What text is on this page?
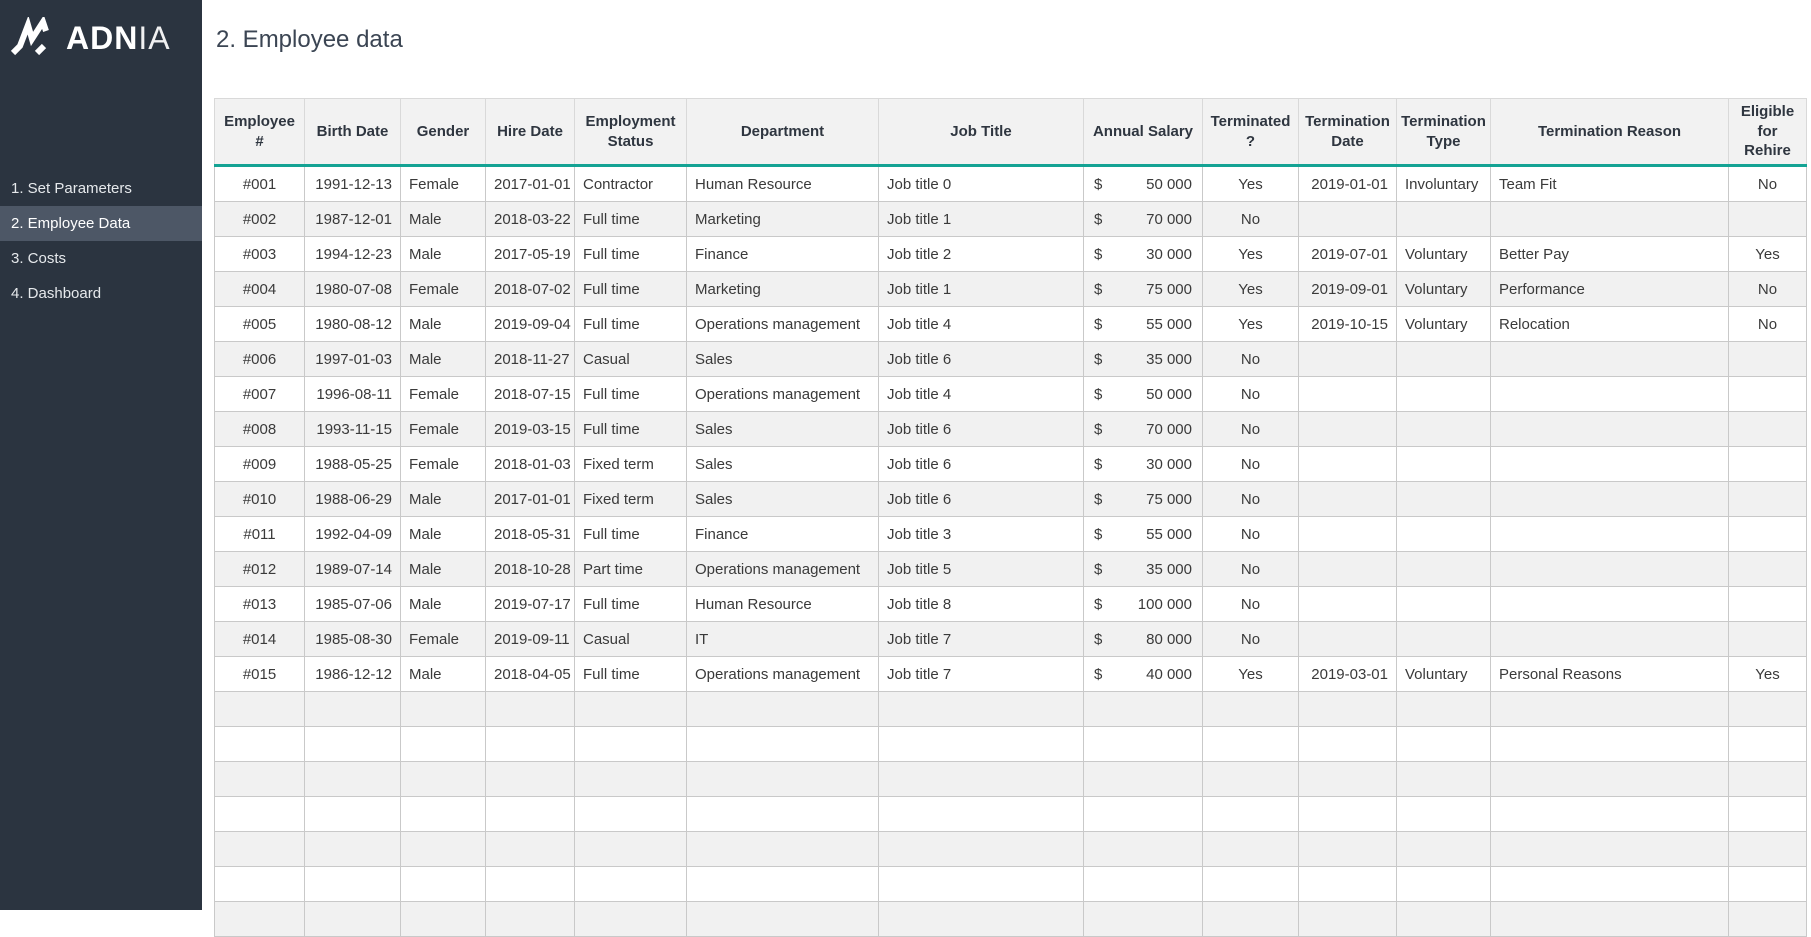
ADNIA
1. Set Parameters
2. Employee Data
3. Costs
4. Dashboard
2. Employee data
Employee #	Birth Date	Gender	Hire Date	Employment Status	Department	Job Title	Annual Salary	Terminated ?	Termination Date	Termination Type	Termination Reason	Eligible for Rehire
#001	1991-12-13	Female	2017-01-01	Contractor	Human Resource	Job title 0	$ 50 000	Yes	2019-01-01	Involuntary	Team Fit	No
#002	1987-12-01	Male	2018-03-22	Full time	Marketing	Job title 1	$ 70 000	No				
#003	1994-12-23	Male	2017-05-19	Full time	Finance	Job title 2	$ 30 000	Yes	2019-07-01	Voluntary	Better Pay	Yes
#004	1980-07-08	Female	2018-07-02	Full time	Marketing	Job title 1	$ 75 000	Yes	2019-09-01	Voluntary	Performance	No
#005	1980-08-12	Male	2019-09-04	Full time	Operations management	Job title 4	$ 55 000	Yes	2019-10-15	Voluntary	Relocation	No
#006	1997-01-03	Male	2018-11-27	Casual	Sales	Job title 6	$ 35 000	No				
#007	1996-08-11	Female	2018-07-15	Full time	Operations management	Job title 4	$ 50 000	No				
#008	1993-11-15	Female	2019-03-15	Full time	Sales	Job title 6	$ 70 000	No				
#009	1988-05-25	Female	2018-01-03	Fixed term	Sales	Job title 6	$ 30 000	No				
#010	1988-06-29	Male	2017-01-01	Fixed term	Sales	Job title 6	$ 75 000	No				
#011	1992-04-09	Male	2018-05-31	Full time	Finance	Job title 3	$ 55 000	No				
#012	1989-07-14	Male	2018-10-28	Part time	Operations management	Job title 5	$ 35 000	No				
#013	1985-07-06	Male	2019-07-17	Full time	Human Resource	Job title 8	$ 100 000	No				
#014	1985-08-30	Female	2019-09-11	Casual	IT	Job title 7	$ 80 000	No				
#015	1986-12-12	Male	2018-04-05	Full time	Operations management	Job title 7	$ 40 000	Yes	2019-03-01	Voluntary	Personal Reasons	Yes
